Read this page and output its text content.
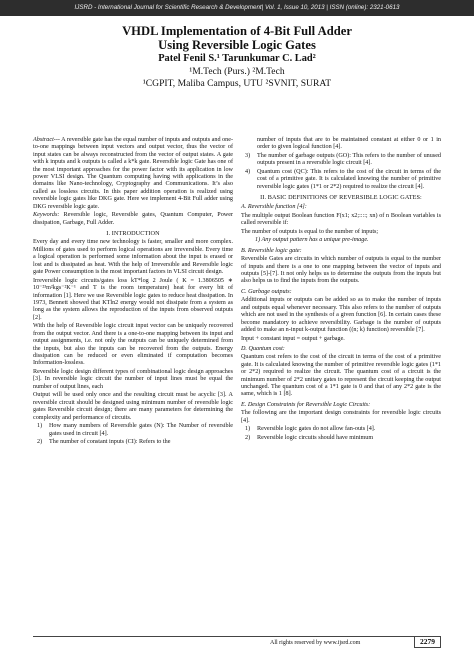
IJSRD - International Journal for Scientific Research & Development| Vol. 1, Issue 10, 2013 | ISSN (online): 2321-0613
VHDL Implementation of 4-Bit Full Adder
Using Reversible Logic Gates
Patel Fenil S.¹ Tarunkumar C. Lad²
¹M.Tech (Purs.) ²M.Tech
¹CGPIT, Maliba Campus, UTU ²SVNIT, SURAT
Abstract--- A reversible gate has the equal number of inputs and outputs and one-to-one mappings between input vectors and output vector, thus the vector of input states can be always reconstructed from the vector of output states. A gate with k inputs and k outputs is called a k*k gate. Reversible logic Gate has one of the most important approaches for the power factor with its application in low power VLSI design. The Quantum computing having with applications in the domains like Nano-technology, Cryptography and Communications. It’s also called as lossless circuits. In this paper addition operation is realized using reversible logic gates like DKG gate. Here we implement 4-Bit Full adder using DKG reversible logic gate.
Keywords: Reversible logic, Reversible gates, Quantum Computer, Power dissipation, Garbage, Full Adder.
I. INTRODUCTION
Every day and every time new technology is faster, smaller and more complex. Millions of gates used to perform logical operations are irreversible. Every time a logical operation is performed some information about the input is erased or lost and is dissipated as heat. With the help of Irreversible and Reversible logic gate Power consumption is the most important factors in VLSI circuit design.
Irreversible logic circuits/gates loss kT*log 2 Joule ( K = 1.3806505 ∗ 10⁻²³m²kgs⁻²K⁻¹ and T is the room temperature) heat for every bit of information [1]. Here we use Reversible logic gates to reduce heat dissipation. In 1973, Bennett showed that KTln2 energy would not dissipate from a system as long as the system allows the reproduction of the inputs from observed outputs [2].
With the help of Reversible logic circuit input vector can be uniquely recovered from the output vector. And there is a one-to-one mapping between its input and output assignments, i.e. not only the outputs can be uniquely determined from the inputs, but also the inputs can be recovered from the outputs. Energy dissipation can be reduced or even eliminated if computation becomes Information-lossless.
Reversible logic design different types of combinational logic design approaches [3]. In reversible logic circuit the number of input lines must be equal the number of output lines, each
Output will be used only once and the resulting circuit must be acyclic [3]. A reversible circuit should be designed using minimum number of reversible logic gates Reversible circuit design; there are many parameters for determining the complexity and performance of circuits.
1)	How many numbers of Reversible gates (N): The Number of reversible gates used in circuit [4].
2)	The number of constant inputs (CI): Refers to the
number of inputs that are to be maintained constant at either 0 or 1 in order to given logical function [4].
3)	The number of garbage outputs (GO): This refers to the number of unused outputs present in a reversible logic circuit [4].
4)	Quantum cost (QC): This refers to the cost of the circuit in terms of the cost of a primitive gate. It is calculated knowing the number of primitive reversible logic gates (1*1 or 2*2) required to realize the circuit [4].
II. BASIC DEFINITIONS OF REVERSIBLE LOGIC GATES:
A. Reversible function [4]:
The multiple output Boolean function F(x1; x2;::::; xn) of n Boolean variables is called reversible if:
The number of outputs is equal to the number of inputs;
1) Any output pattern has a unique pre-image.
B. Reversible logic gate:
Reversible Gates are circuits in which number of outputs is equal to the number of inputs and there is a one to one mapping between the vector of inputs and outputs [5]-[7]. It not only helps us to determine the outputs from the inputs but also helps us to find the inputs from the outputs.
C. Garbage outputs:
Additional inputs or outputs can be added so as to make the number of inputs and outputs equal whenever necessary. This also refers to the number of outputs which are not used in the synthesis of a given function [6]. In certain cases these become mandatory to achieve reversibility. Garbage is the number of outputs added to make an n-input k-output function ((n; k) function) reversible [7].
Input + constant input = output + garbage.
D. Quantum cost:
Quantum cost refers to the cost of the circuit in terms of the cost of a primitive gate. It is calculated knowing the number of primitive reversible logic gates (1*1 or 2*2) required to realize the circuit. The quantum cost of a circuit is the minimum number of 2*2 unitary gates to represent the circuit keeping the output unchanged. The quantum cost of a 1*1 gate is 0 and that of any 2*2 gate is the same, which is 1 [8].
E. Design Constraints for Reversible Logic Circuits:
The following are the important design constraints for reversible logic circuits [4].
1)	Reversible logic gates do not allow fan-outs [4].
2)	Reversible logic circuits should have minimum
All rights reserved by www.ijsrd.com	2279
